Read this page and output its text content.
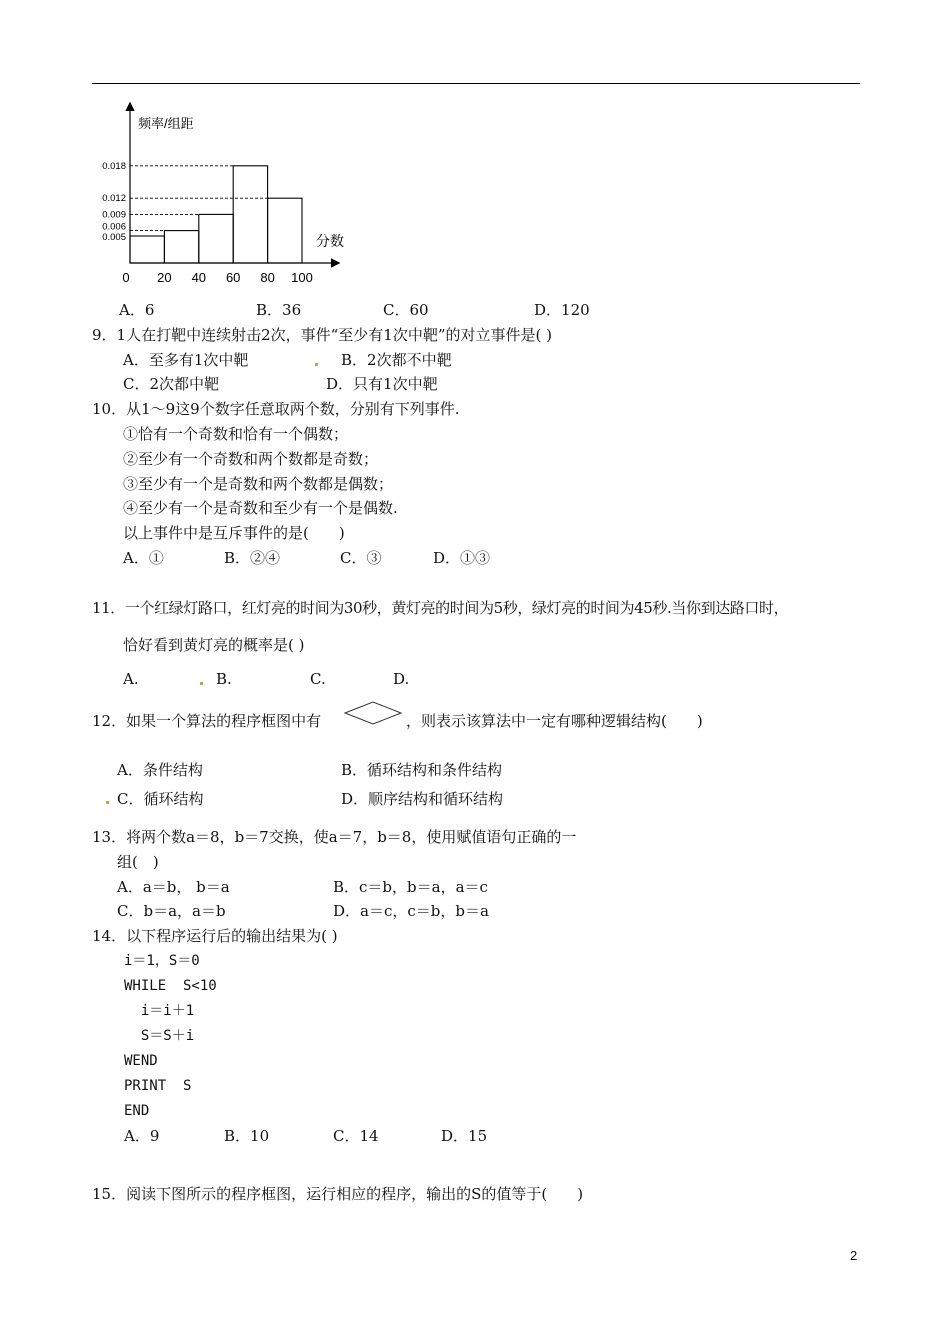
频率/组距
分数
0.005
0.006
0.009
0.012
0.018
0 20 40 60 80 100
A．6	B．36	C．60	D．120
9．1人在打靶中连续射击2次，事件“至少有1次中靶”的对立事件是( )
A．至多有1次中靶	B．2次都不中靶
C．2次都中靶	D．只有1次中靶
10．从1～9这9个数字任意取两个数，分别有下列事件.
①恰有一个奇数和恰有一个偶数；
②至少有一个奇数和两个数都是奇数；
③至少有一个是奇数和两个数都是偶数；
④至少有一个是奇数和至少有一个是偶数.
以上事件中是互斥事件的是(　　)
A．①	B．②④	C．③	D．①③
11．一个红绿灯路口，红灯亮的时间为30秒，黄灯亮的时间为5秒，绿灯亮的时间为45秒.当你到达路口时，
恰好看到黄灯亮的概率是( )
A.	B.	C.	D.
12．如果一个算法的程序框图中有	，则表示该算法中一定有哪种逻辑结构(　　)
A．条件结构	B．循环结构和条件结构
C．循环结构	D．顺序结构和循环结构
13．将两个数a＝8，b＝7交换，使a＝7，b＝8，使用赋值语句正确的一
组(　)
A．a＝b， b＝a	B．c＝b，b＝a，a＝c
C．b＝a，a＝b	D．a＝c，c＝b，b＝a
14．以下程序运行后的输出结果为( )
i＝1，S＝0
WHILE  S<10
i＝i＋1
S＝S＋i
WEND
PRINT  S
END
A．9	B．10	C．14	D．15
15．阅读下图所示的程序框图，运行相应的程序，输出的S的值等于(　　)
2
